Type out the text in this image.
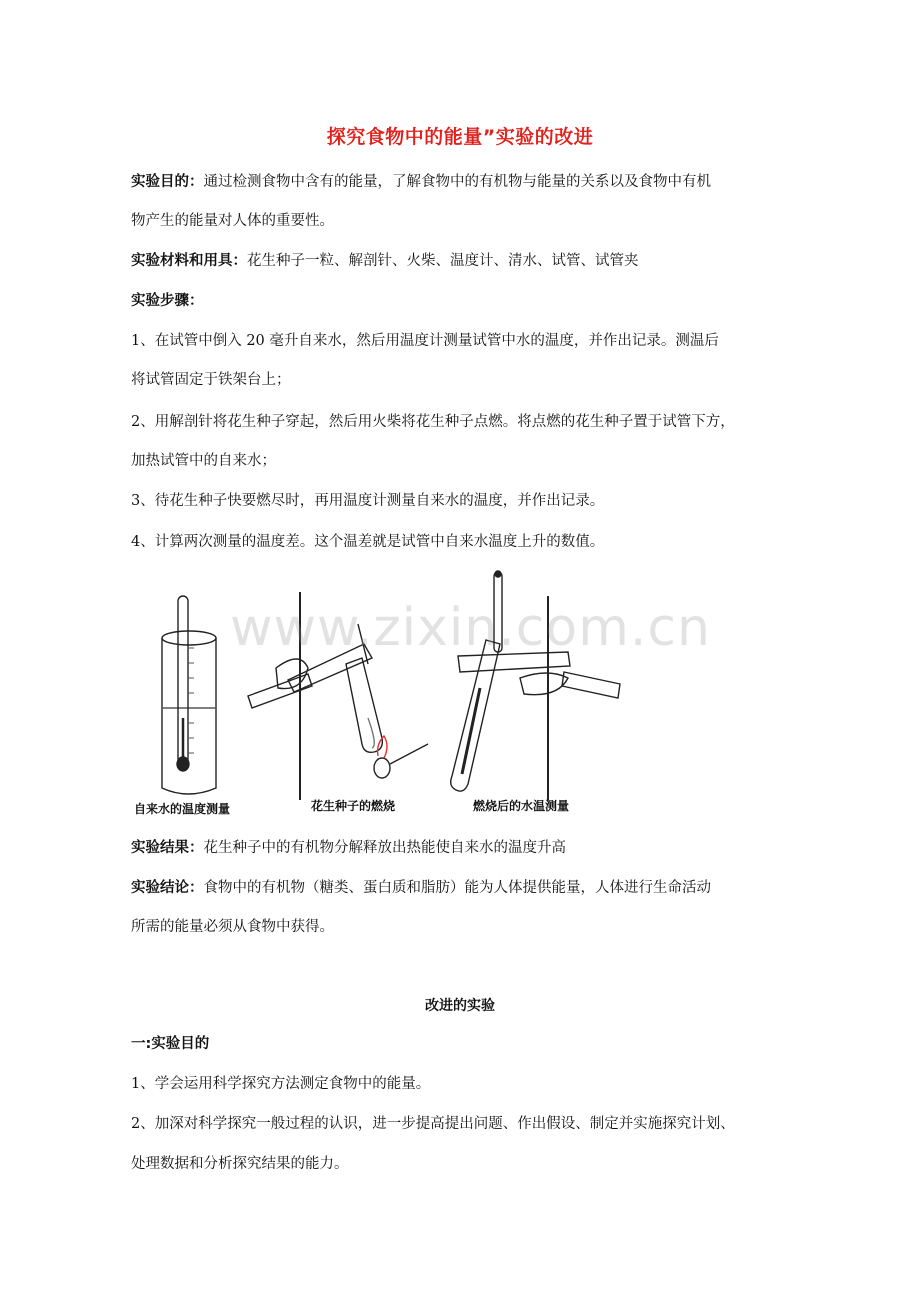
探究食物中的能量”实验的改进
实验目的：通过检测食物中含有的能量，了解食物中的有机物与能量的关系以及食物中有机
物产生的能量对人体的重要性。
实验材料和用具：花生种子一粒、解剖针、火柴、温度计、清水、试管、试管夹
实验步骤：
1、在试管中倒入 20 毫升自来水，然后用温度计测量试管中水的温度，并作出记录。测温后
将试管固定于铁架台上；
2、用解剖针将花生种子穿起，然后用火柴将花生种子点燃。将点燃的花生种子置于试管下方，
加热试管中的自来水；
3、待花生种子快要燃尽时，再用温度计测量自来水的温度，并作出记录。
4、计算两次测量的温度差。这个温差就是试管中自来水温度上升的数值。
自来水的温度测量	花生种子的燃烧	燃烧后的水温测量
www.zixin.com.cn
实验结果：花生种子中的有机物分解释放出热能使自来水的温度升高
实验结论：食物中的有机物（糖类、蛋白质和脂肪）能为人体提供能量，人体进行生命活动
所需的能量必须从食物中获得。
改进的实验
一:实验目的
1、学会运用科学探究方法测定食物中的能量。
2、加深对科学探究一般过程的认识，进一步提高提出问题、作出假设、制定并实施探究计划、
处理数据和分析探究结果的能力。
